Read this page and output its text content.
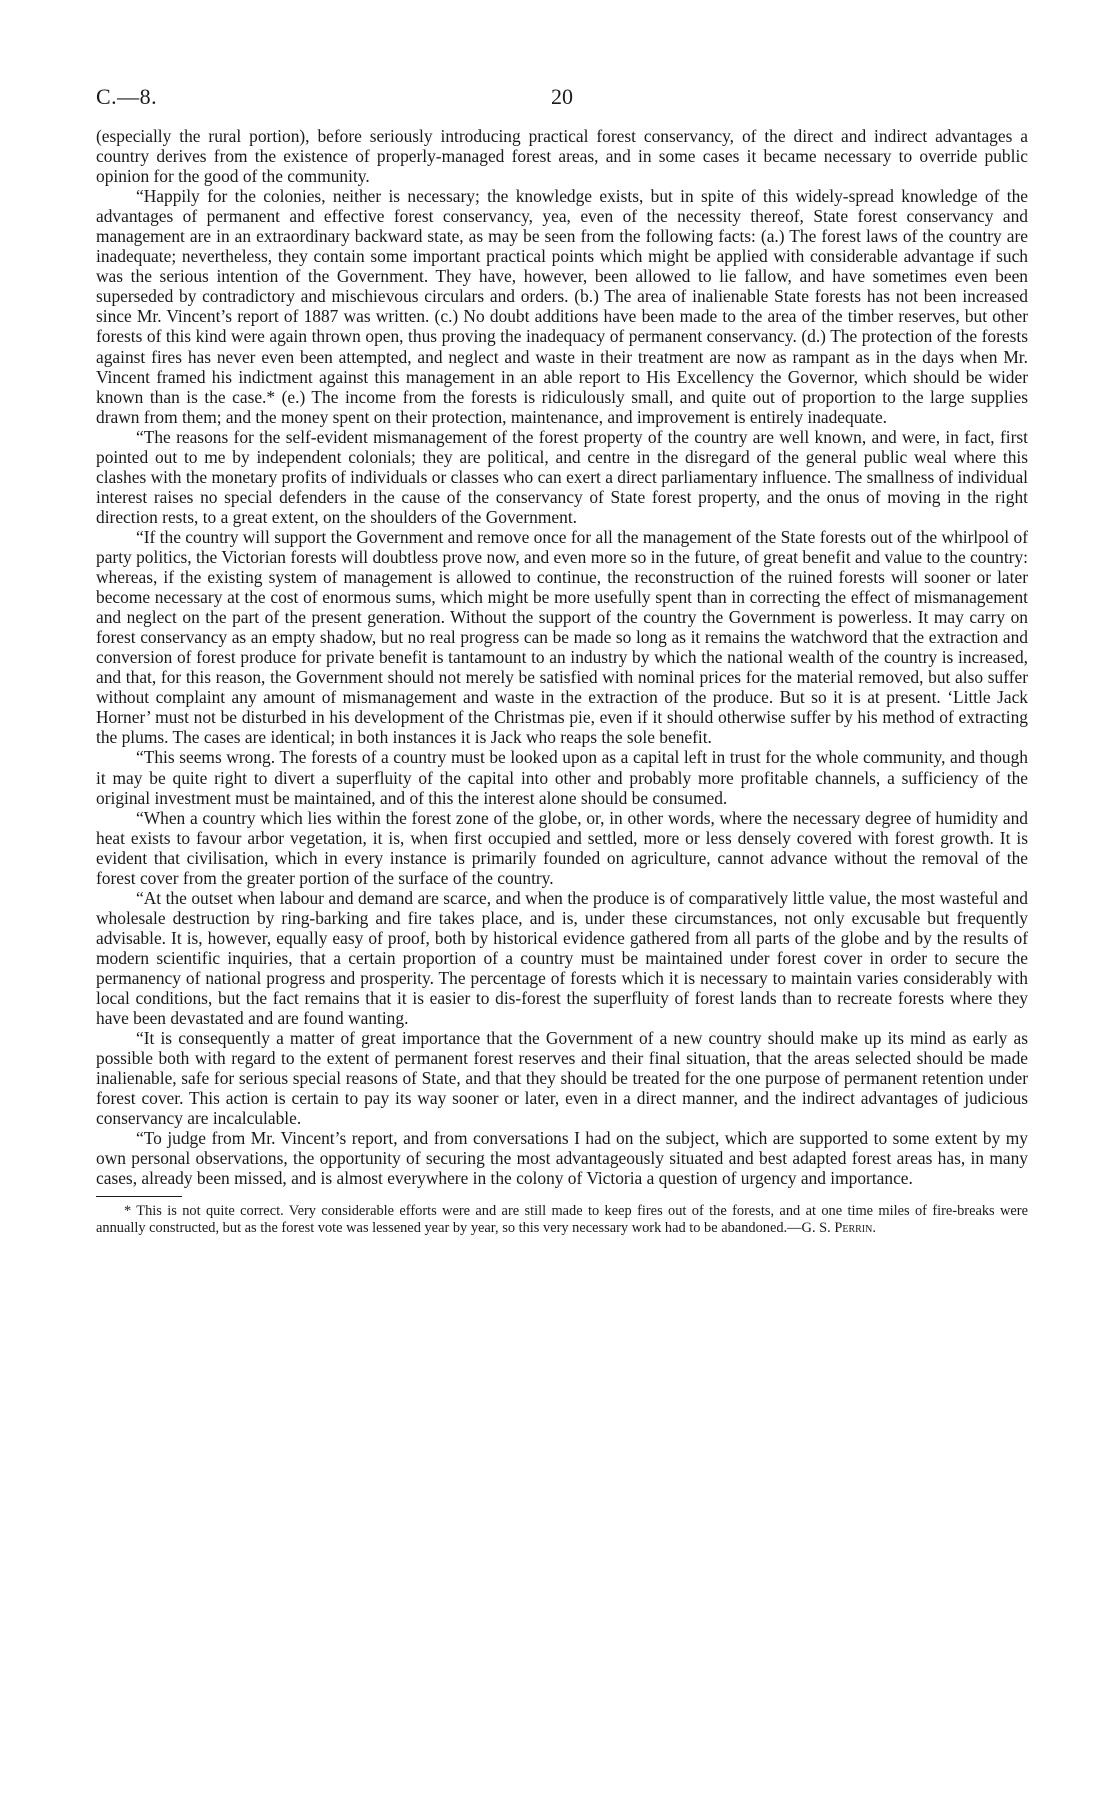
C.—8.	20

(especially the rural portion), before seriously introducing practical forest conservancy, of the direct and indirect advantages a country derives from the existence of properly-managed forest areas, and in some cases it became necessary to override public opinion for the good of the community.

“Happily for the colonies, neither is necessary; the knowledge exists, but in spite of this widely-spread knowledge of the advantages of permanent and effective forest conservancy, yea, even of the necessity thereof, State forest conservancy and management are in an extraordinary backward state, as may be seen from the following facts: (a.) The forest laws of the country are inadequate; nevertheless, they contain some important practical points which might be applied with considerable advantage if such was the serious intention of the Government. They have, however, been allowed to lie fallow, and have sometimes even been superseded by contradictory and mischievous circulars and orders. (b.) The area of inalienable State forests has not been increased since Mr. Vincent’s report of 1887 was written. (c.) No doubt additions have been made to the area of the timber reserves, but other forests of this kind were again thrown open, thus proving the inadequacy of permanent conservancy. (d.) The protection of the forests against fires has never even been attempted, and neglect and waste in their treatment are now as rampant as in the days when Mr. Vincent framed his indictment against this management in an able report to His Excellency the Governor, which should be wider known than is the case.* (e.) The income from the forests is ridiculously small, and quite out of proportion to the large supplies drawn from them; and the money spent on their protection, maintenance, and improvement is entirely inadequate.

“The reasons for the self-evident mismanagement of the forest property of the country are well known, and were, in fact, first pointed out to me by independent colonials; they are political, and centre in the disregard of the general public weal where this clashes with the monetary profits of individuals or classes who can exert a direct parliamentary influence. The smallness of individual interest raises no special defenders in the cause of the conservancy of State forest property, and the onus of moving in the right direction rests, to a great extent, on the shoulders of the Government.

“If the country will support the Government and remove once for all the management of the State forests out of the whirlpool of party politics, the Victorian forests will doubtless prove now, and even more so in the future, of great benefit and value to the country: whereas, if the existing system of management is allowed to continue, the reconstruction of the ruined forests will sooner or later become necessary at the cost of enormous sums, which might be more usefully spent than in correcting the effect of mismanagement and neglect on the part of the present generation. Without the support of the country the Government is powerless. It may carry on forest conservancy as an empty shadow, but no real progress can be made so long as it remains the watchword that the extraction and conversion of forest produce for private benefit is tantamount to an industry by which the national wealth of the country is increased, and that, for this reason, the Government should not merely be satisfied with nominal prices for the material removed, but also suffer without complaint any amount of mismanagement and waste in the extraction of the produce. But so it is at present. ‘Little Jack Horner’ must not be disturbed in his development of the Christmas pie, even if it should otherwise suffer by his method of extracting the plums. The cases are identical; in both instances it is Jack who reaps the sole benefit.

“This seems wrong. The forests of a country must be looked upon as a capital left in trust for the whole community, and though it may be quite right to divert a superfluity of the capital into other and probably more profitable channels, a sufficiency of the original investment must be maintained, and of this the interest alone should be consumed.

“When a country which lies within the forest zone of the globe, or, in other words, where the necessary degree of humidity and heat exists to favour arbor vegetation, it is, when first occupied and settled, more or less densely covered with forest growth. It is evident that civilisation, which in every instance is primarily founded on agriculture, cannot advance without the removal of the forest cover from the greater portion of the surface of the country.

“At the outset when labour and demand are scarce, and when the produce is of comparatively little value, the most wasteful and wholesale destruction by ring-barking and fire takes place, and is, under these circumstances, not only excusable but frequently advisable. It is, however, equally easy of proof, both by historical evidence gathered from all parts of the globe and by the results of modern scientific inquiries, that a certain proportion of a country must be maintained under forest cover in order to secure the permanency of national progress and prosperity. The percentage of forests which it is necessary to maintain varies considerably with local conditions, but the fact remains that it is easier to dis-forest the superfluity of forest lands than to recreate forests where they have been devastated and are found wanting.

“It is consequently a matter of great importance that the Government of a new country should make up its mind as early as possible both with regard to the extent of permanent forest reserves and their final situation, that the areas selected should be made inalienable, safe for serious special reasons of State, and that they should be treated for the one purpose of permanent retention under forest cover. This action is certain to pay its way sooner or later, even in a direct manner, and the indirect advantages of judicious conservancy are incalculable.

“To judge from Mr. Vincent’s report, and from conversations I had on the subject, which are supported to some extent by my own personal observations, the opportunity of securing the most advantageously situated and best adapted forest areas has, in many cases, already been missed, and is almost everywhere in the colony of Victoria a question of urgency and importance.

* This is not quite correct. Very considerable efforts were and are still made to keep fires out of the forests, and at one time miles of fire-breaks were annually constructed, but as the forest vote was lessened year by year, so this very necessary work had to be abandoned.—G. S. Perrin.
